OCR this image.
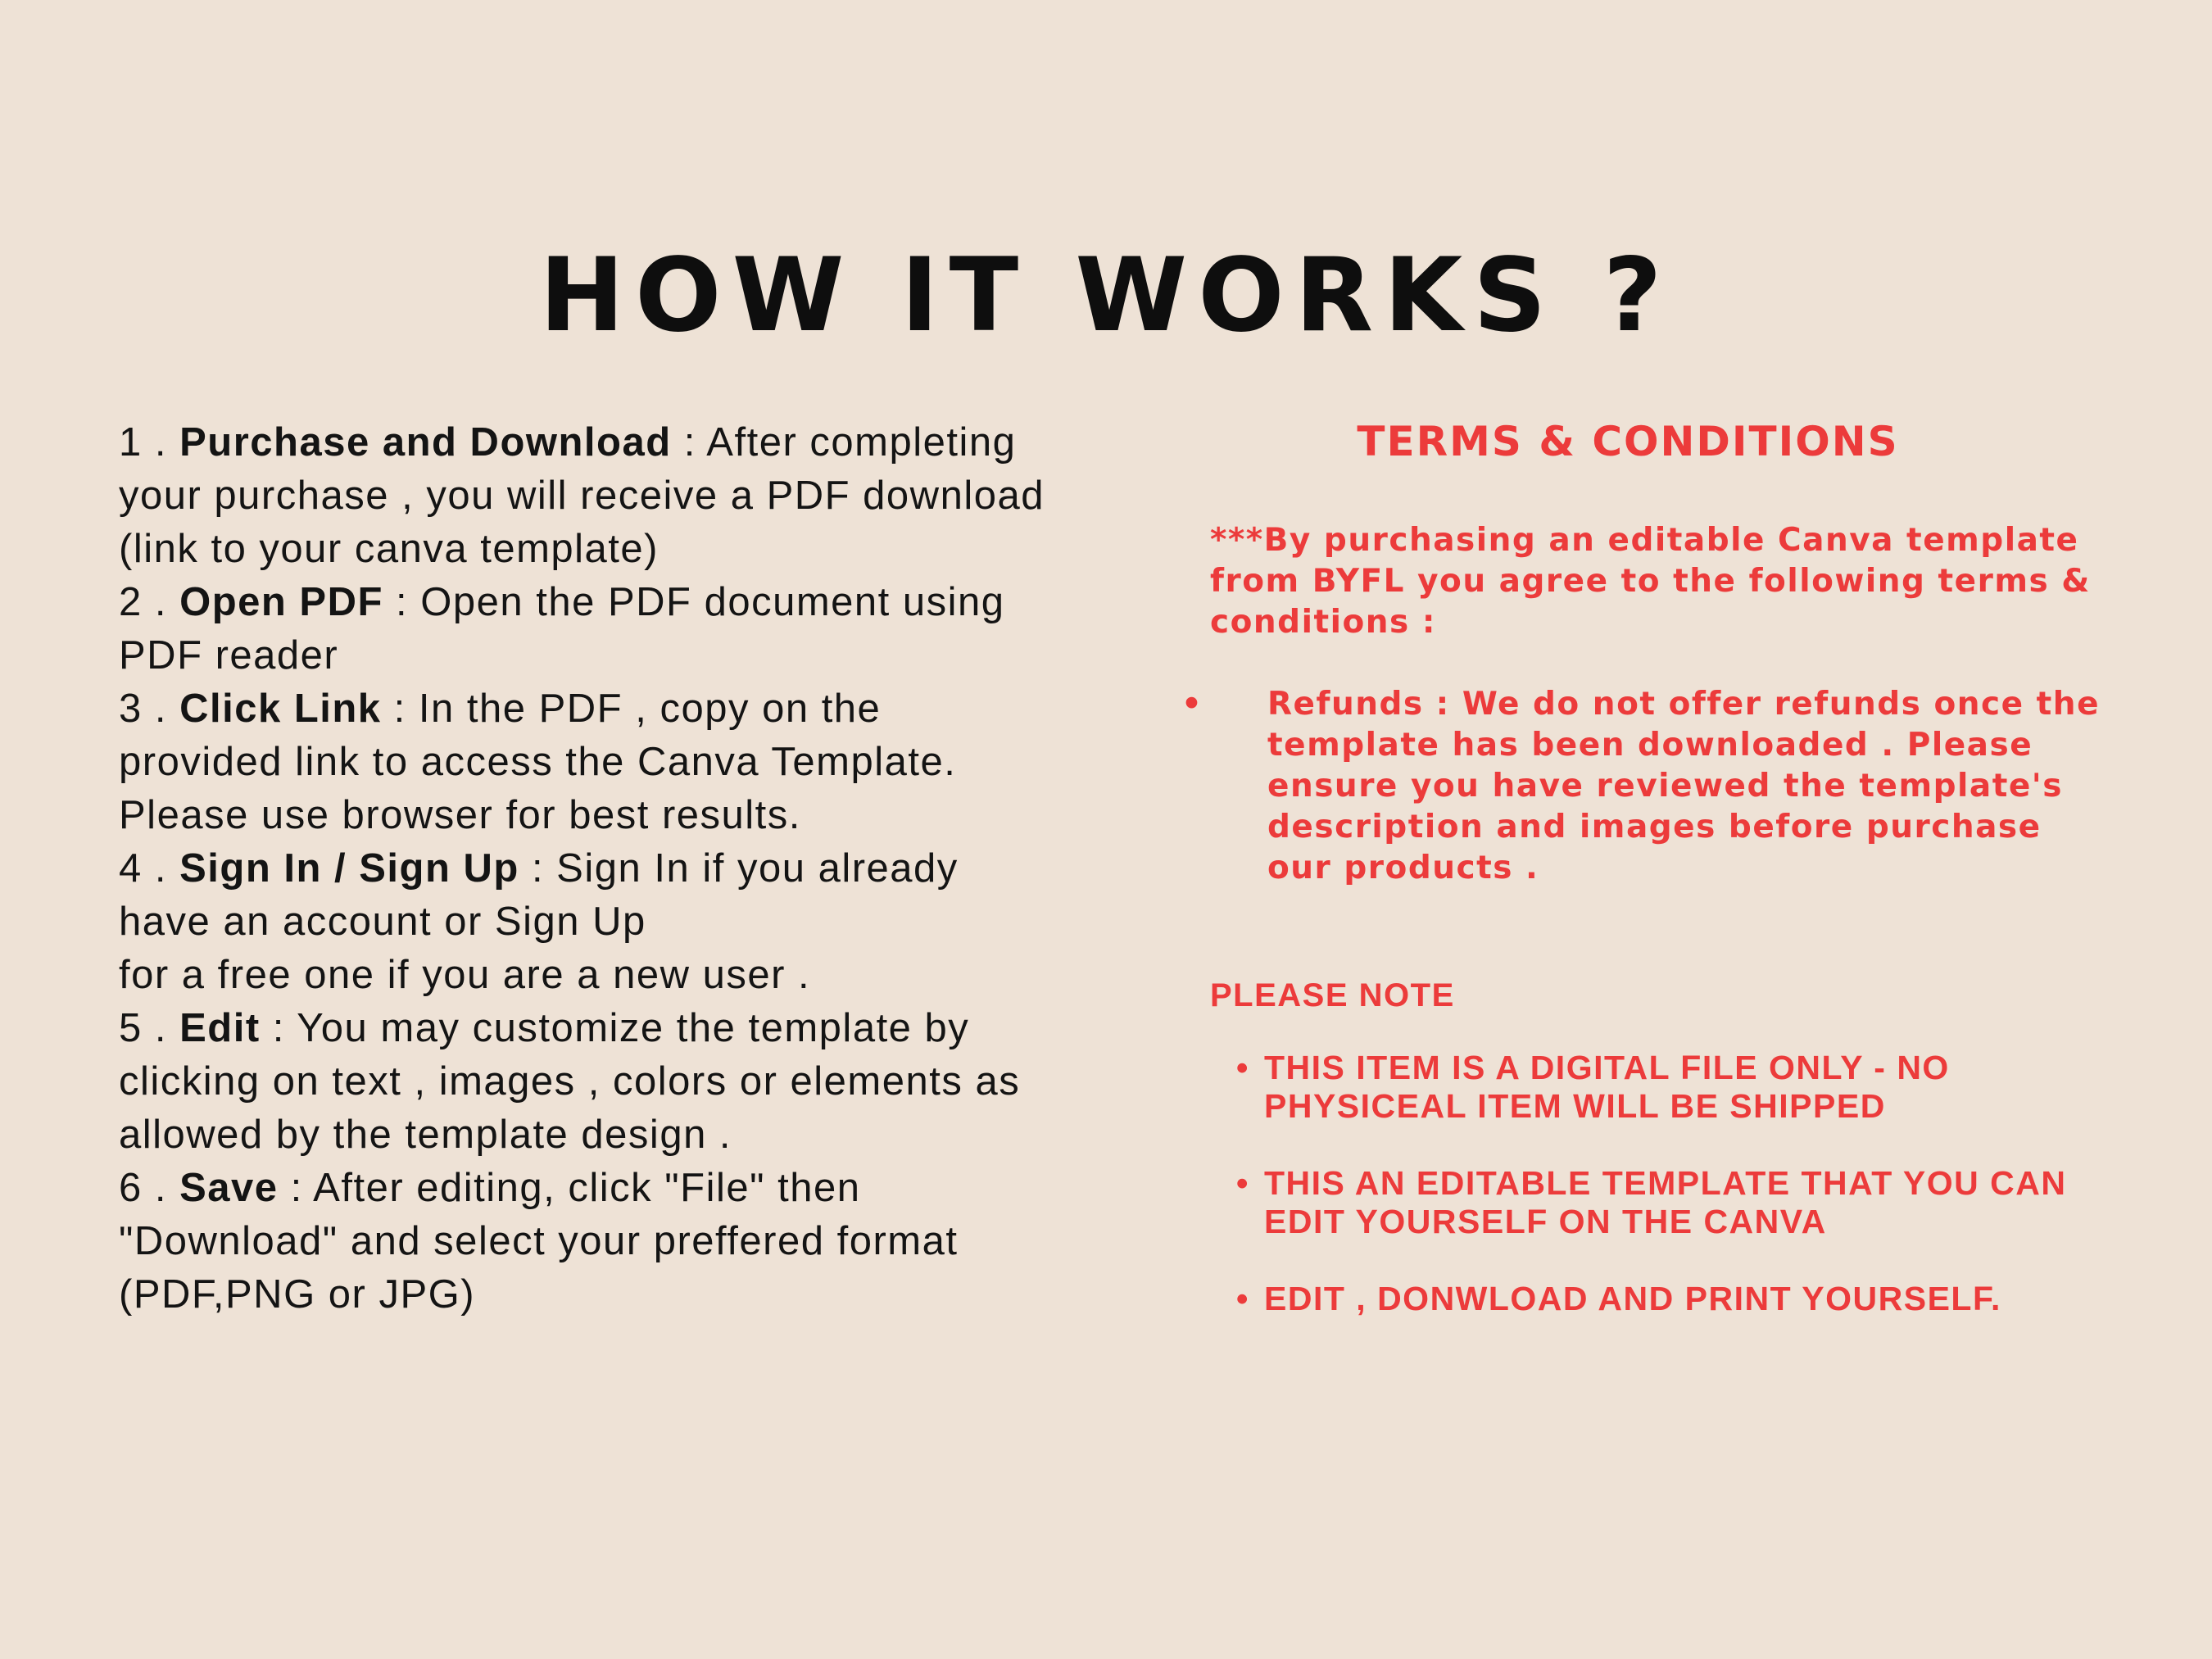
HOW IT WORKS ?
1 . Purchase and Download : After completing
your purchase , you will receive a PDF download
(link to your canva template)
2 . Open PDF : Open the PDF document using
PDF reader
3 . Click Link : In the PDF , copy on the
provided link to access the Canva Template.
Please use browser for best results.
4 . Sign In / Sign Up : Sign In if you already
have an account or Sign Up
for a free one if you are a new user .
5 . Edit : You may customize the template by
clicking on text , images , colors or elements as
allowed by the template design .
6 . Save : After editing, click "File" then
"Download" and select your preffered format
(PDF,PNG or JPG)
TERMS & CONDITIONS
***By purchasing an editable Canva template
from BYFL you agree to the following terms &
conditions :
• Refunds : We do not offer refunds once the
template has been downloaded . Please
ensure you have reviewed the template's
description and images before purchase
our products .
PLEASE NOTE
• THIS ITEM IS A DIGITAL FILE ONLY - NO
PHYSICEAL ITEM WILL BE SHIPPED
• THIS AN EDITABLE TEMPLATE THAT YOU CAN
EDIT YOURSELF ON THE CANVA
• EDIT , DONWLOAD AND PRINT YOURSELF.
